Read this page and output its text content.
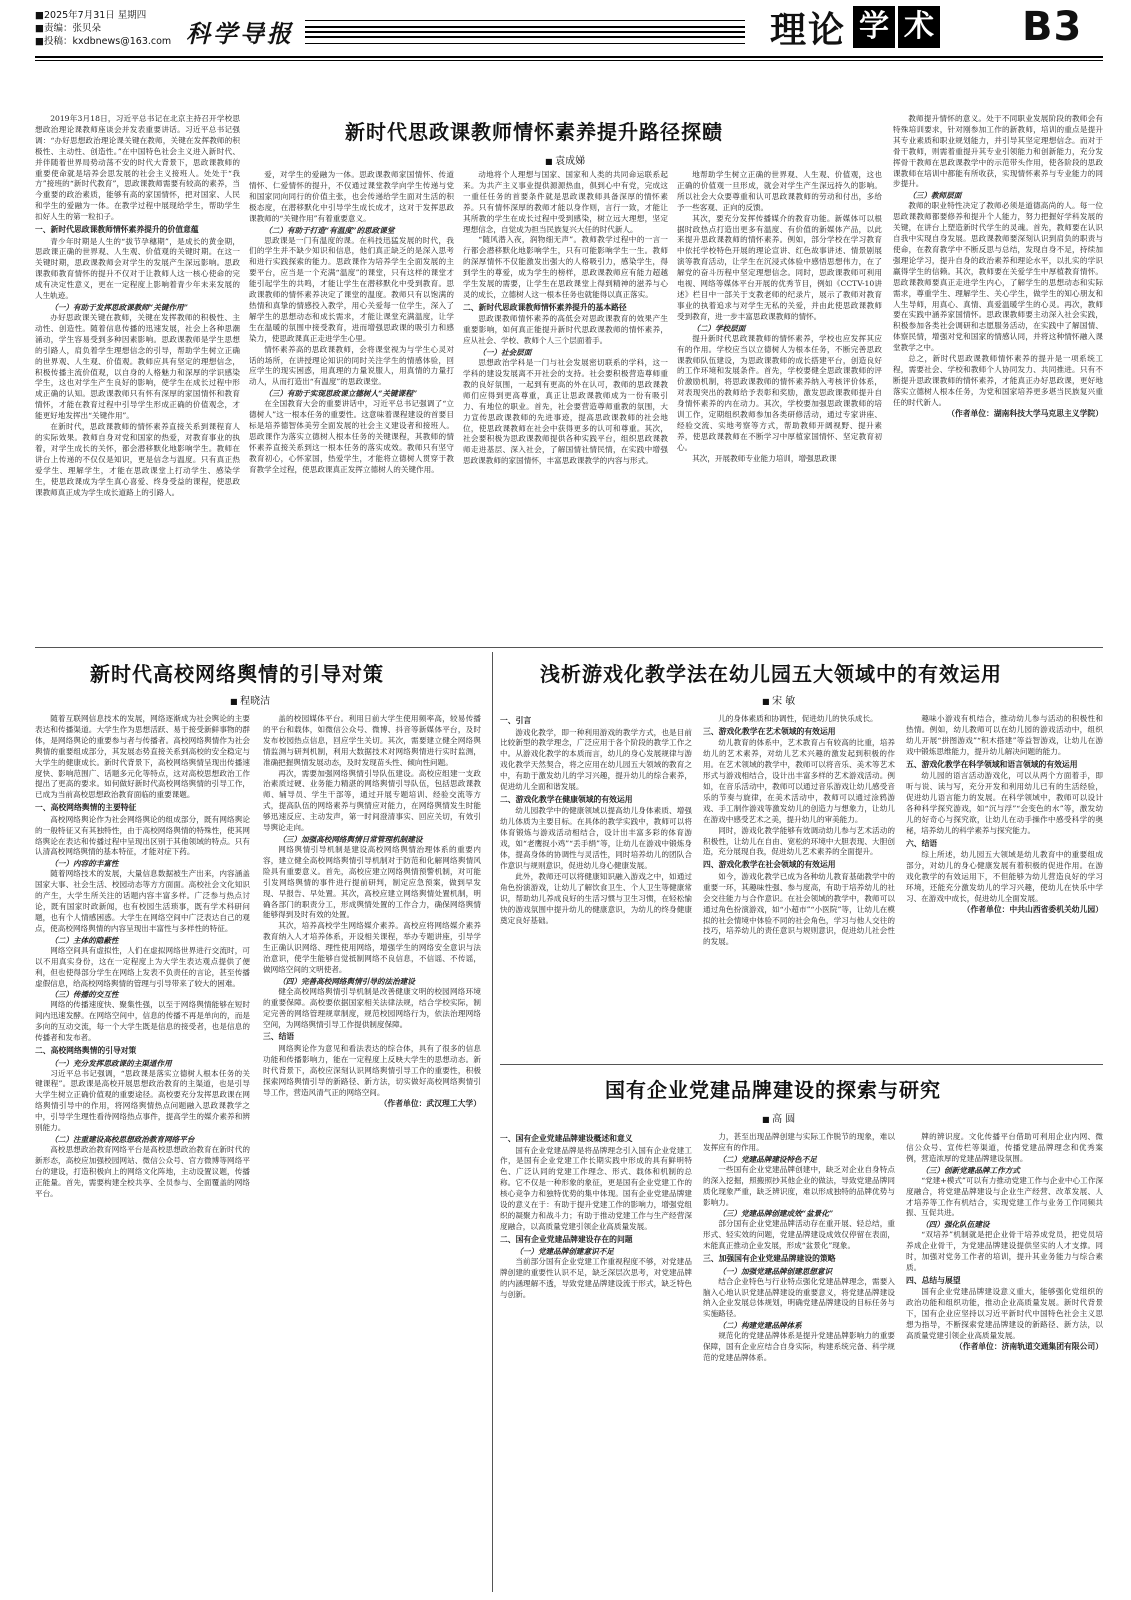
■2025年7月31日 星期四
■责编：张贝朵
■投稿：kxdbnews@163.com 科学导报	理论 学 术 B3
新时代思政课教师情怀素养提升路径探赜
■ 袁成娣

2019年3月18日，习近平总书记在北京主持召开学校思想政治理论课教师座谈会并发表重要讲话。习近平总书记强调：“办好思想政治理论课关键在教师，关键在发挥教师的积极性、主动性、创造性。”在中国特色社会主义进入新时代、并伴随着世界局势动荡不安的时代大背景下，思政课教师的重要使命就是培养会思发展的社会主义接班人。处处于“我方”接班的“新时代教育”，思政课教师需要有较高的素养，当今重要的政治素质，能够有高的家国情怀，把对国家、人民和学生的爱融为一体。在教学过程中展现给学生，帮助学生扣好人生的第一粒扣子。

一、新时代思政课教师情怀素养提升的价值意蕴

青少年时期是人生的“拔节孕穗期”，是成长的黄金期，思政课正确的世界观、人生观、价值观的关键时期。在这一关键时期，思政课教师会对学生的发展产生深远影响。思政课教师教育情怀的提升不仅对于让教师人这一核心使命的完成有决定性意义，更在一定程度上影响着青少年未来发展的人生轨迹。

（一）有助于发挥思政课教师“关键作用”

办好思政课关键在教师，关键在发挥教师的积极性、主动性、创造性。随着信息传播的迅速发展，社会上各种思潮涌动，学生容易受到多种因素影响。思政课教师是学生思想的引路人，肩负着学生理想信念的引导，帮助学生树立正确的世界观、人生观、价值观。教师应具有坚定的理想信念，积极传播主流价值观，以自身的人格魅力和深厚的学识感染学生，这也对学生产生良好的影响，使学生在成长过程中形成正确的认知。思政课教师只有怀有深厚的家国情怀和教育情怀，才能在教育过程中引导学生形成正确的价值观念，才能更好地发挥出“关键作用”。

在新时代，思政课教师的情怀素养直接关系到课程育人的实际效果。教师自身对党和国家的热爱，对教育事业的执着，对学生成长的关怀，都会潜移默化地影响学生。教师在讲台上传递的不仅仅是知识，更是信念与温度。只有真正热爱学生、理解学生，才能在思政课堂上打动学生、感染学生，使思政课成为学生真心喜爱、终身受益的课程，使思政课教师真正成为学生成长道路上的引路人。

爱，对学生的爱融为一体。思政课教师家国情怀、传道情怀、仁爱情怀的提升，不仅通过课堂教学向学生传递与党和国家同向同行的价值主张，也会传递给学生面对生活的积极态度，在潜移默化中引导学生成长成才，这对于发挥思政课教师的“关键作用”有着重要意义。

（二）有助于打造“有温度”的思政课堂

思政课是一门有温度的课。在科技迅猛发展的时代，我们的学生并不缺少知识和信息，他们真正缺乏的是深入思考和进行实践探索的能力。思政课作为培养学生全面发展的主要平台，应当是一个充满“温度”的课堂，只有这样的课堂才能引起学生的共鸣，才能让学生在潜移默化中受到教育。思政课教师的情怀素养决定了课堂的温度。教师只有以饱满的热情和真挚的情感投入教学，用心关爱每一位学生，深入了解学生的思想动态和成长需求，才能让课堂充满温度，让学生在温暖的氛围中接受教育，进而增强思政课的吸引力和感染力，使思政课真正走进学生心里。

情怀素养高的思政课教师，会将课堂视为与学生心灵对话的场所，在讲授理论知识的同时关注学生的情感体验，回应学生的现实困惑，用真理的力量说服人，用真情的力量打动人，从而打造出“有温度”的思政课堂。

（三）有助于实现思政课立德树人“关键课程”

在全国教育大会的重要讲话中，习近平总书记强调了“立德树人”这一根本任务的重要性。这意味着课程建设的首要目标是培养德智体美劳全面发展的社会主义建设者和接班人。思政课作为落实立德树人根本任务的关键课程，其教师的情怀素养直接关系到这一根本任务的落实成效。教师只有坚守教育初心，心怀家国，热爱学生，才能将立德树人贯穿于教育教学全过程，使思政课真正发挥立德树人的关键作用。

动地将个人理想与国家、国家和人类的共同命运联系起来。为共产主义事业提供源源热血，俱到心中有党，完成这一重任任务的首要条件就是思政课教师具备深厚的情怀素养。只有情怀深厚的教师才能以身作则，言行一致，才能让其所教的学生在成长过程中受到感染，树立远大理想，坚定理想信念，自觉成为担当民族复兴大任的时代新人。

“随风潜入夜，润物细无声”。教师教学过程中的一言一行都会潜移默化地影响学生，只有可能影响学生一生。教师的深厚情怀不仅能激发出强大的人格吸引力，感染学生，得到学生的尊爱，成为学生的榜样，思政课教师应有能力超越学生发展的需要，让学生在思政课堂上得到精神的滋养与心灵的成长，立德树人这一根本任务也就能得以真正落实。

二、新时代思政课教师情怀素养提升的基本路径

思政课教师情怀素养的高低会对思政课教育的效果产生重要影响，如何真正能提升新时代思政课教师的情怀素养，应从社会、学校、教师个人三个层面着手。

（一）社会层面

思想政治学科是一门与社会发展密切联系的学科，这一学科的建设发展离不开社会的支持。社会要积极营造尊师重教的良好氛围，一起到有更高的外在认可，教师的思政课教师们应得到更高尊重，真正让思政课教师成为一份有吸引力、有地位的职业。首先，社会要营造尊师重教的氛围，大力宣传思政课教师的先进事迹，提高思政课教师的社会地位，使思政课教师在社会中获得更多的认可和尊重。其次，社会要积极为思政课教师提供各种实践平台，组织思政课教师走进基层、深入社会，了解国情社情民情，在实践中增强思政课教师的家国情怀，丰富思政课教学的内容与形式。

地帮助学生树立正确的世界观、人生观、价值观，这也正确的价值观一旦形成，就会对学生产生深远持久的影响。所以社会大众要尊重和认可思政课教师的劳动和付出，多给予一些客观、正向的反馈。

其次，要充分发挥传播媒介的教育功能。新媒体可以根据时政热点打造出更多有温度、有价值的新媒体产品，以此来提升思政课教师的情怀素养。例如，部分学校在学习教育中依托学校特色开展的理论宣讲、红色故事讲述、情景剧展演等教育活动，让学生在沉浸式体验中感悟思想伟力，在了解党的奋斗历程中坚定理想信念。同时，思政课教师可利用电视、网络等媒体平台开展的优秀节目，例如《CCTV-10讲述》栏目中一部关于支教老师的纪录片，展示了教师对教育事业的执着追求与对学生无私的关爱，并由此使思政课教师受到教育，进一步丰富思政课教师的情怀。

（二）学校层面

提升新时代思政课教师的情怀素养，学校也应发挥其应有的作用。学校应当以立德树人为根本任务，不断完善思政课教师队伍建设，为思政课教师的成长搭建平台，创造良好的工作环境和发展条件。首先，学校要健全思政课教师的评价激励机制，将思政课教师的情怀素养纳入考核评价体系，对表现突出的教师给予表彰和奖励，激发思政课教师提升自身情怀素养的内在动力。其次，学校要加强思政课教师的培训工作，定期组织教师参加各类研修活动，通过专家讲座、经验交流、实地考察等方式，帮助教师开阔视野、提升素养，使思政课教师在不断学习中厚植家国情怀、坚定教育初心。

其次，开展教师专业能力培训，增强思政课

教师提升情怀的意义。处于不同职业发展阶段的教师会有特殊培训要求，针对刚参加工作的新教师，培训的重点是提升其专业素质和职业规划能力，并引导其坚定理想信念。而对于骨干教师，则需着重提升其专业引领能力和创新能力，充分发挥骨干教师在思政课教学中的示范带头作用，使各阶段的思政课教师在培训中都能有所收获，实现情怀素养与专业能力的同步提升。

（三）教师层面

教师的职业特性决定了教师必须是道德高尚的人。每一位思政课教师都要修养和提升个人能力，努力把握好学科发展的关键，在讲台上塑造新时代学生的灵魂。首先，教师要在认识自我中实现自身发展。思政课教师要深刻认识到肩负的职责与使命，在教育教学中不断反思与总结，发现自身不足，持续加强理论学习，提升自身的政治素养和理论水平，以扎实的学识赢得学生的信赖。其次，教师要在关爱学生中厚植教育情怀。思政课教师要真正走进学生内心，了解学生的思想动态和实际需求，尊重学生、理解学生、关心学生，做学生的知心朋友和人生导师，用真心、真情、真爱温暖学生的心灵。再次，教师要在实践中涵养家国情怀。思政课教师要主动深入社会实践，积极参加各类社会调研和志愿服务活动，在实践中了解国情、体察民情，增强对党和国家的情感认同，并将这种情怀融入课堂教学之中。

总之，新时代思政课教师情怀素养的提升是一项系统工程，需要社会、学校和教师个人协同发力、共同推进。只有不断提升思政课教师的情怀素养，才能真正办好思政课，更好地落实立德树人根本任务，为党和国家培养更多堪当民族复兴重任的时代新人。

（作者单位：湖南科技大学马克思主义学院）

新时代高校网络舆情的引导对策
■ 程晓洁

随着互联网信息技术的发展，网络逐渐成为社会舆论的主要表达和传播渠道。大学生作为思想活跃、易于接受新鲜事物的群体，是网络舆论的重要参与者与传播者。高校网络舆情作为社会舆情的重要组成部分，其发展态势直接关系到高校的安全稳定与大学生的健康成长。新时代背景下，高校网络舆情呈现出传播速度快、影响范围广、话题多元化等特点，这对高校思想政治工作提出了更高的要求。如何做好新时代高校网络舆情的引导工作，已成为当前高校思想政治教育面临的重要课题。

一、高校网络舆情的主要特征

高校网络舆论作为社会网络舆论的组成部分，既有网络舆论的一般特征又有其独特性，由于高校网络舆情的特殊性，使其网络舆论在表达和传播过程中呈现出区别于其他领域的特点。只有认清高校网络舆情的基本特征，才能对症下药。

（一）内容的丰富性

随着网络技术的发展，大量信息数据被生产出来，内容涵盖国家大事、社会生活、校园动态等方方面面。高校社会文化知识的产生，大学生所关注的话题内容丰富多样。广泛参与热点讨论，既有国家时政新闻，也有校园生活琐事，既有学术科研问题，也有个人情感困惑。大学生在网络空间中广泛表达自己的观点，使高校网络舆情的内容呈现出丰富性与多样性的特征。

（二）主体的隐蔽性

网络空间具有虚拟性，人们在虚拟网络世界进行交流时，可以不用真实身份，这在一定程度上为大学生表达观点提供了便利，但也使得部分学生在网络上发表不负责任的言论，甚至传播虚假信息，给高校网络舆情的管理与引导带来了较大的困难。

（三）传播的交互性

网络的传播速度快、聚集性强，以至于网络舆情能够在短时间内迅速发酵。在网络空间中，信息的传播不再是单向的，而是多向的互动交流，每一个大学生既是信息的接受者，也是信息的传播者和发布者。

二、高校网络舆情的引导对策
（一）充分发挥思政课的主渠道作用

习近平总书记强调，“思政课是落实立德树人根本任务的关键课程”。思政课是高校开展思想政治教育的主渠道，也是引导大学生树立正确价值观的重要途径。高校要充分发挥思政课在网络舆情引导中的作用，将网络舆情热点问题融入思政课教学之中，引导学生理性看待网络热点事件，提高学生的媒介素养和辨别能力。

（二）注重建设高校思想政治教育网络平台

高校思想政治教育网络平台是高校思想政治教育在新时代的新形态，高校应加强校园网站、微信公众号、官方微博等网络平台的建设，打造积极向上的网络文化阵地，主动设置议题，传播正能量。首先，需要构建全校共享、全员参与、全面覆盖的网络平台。

盖的校园媒体平台。利用日前大学生使用频率高，较易传播的平台和载体，如微信公众号、微博、抖音等新媒体平台，及时发布校园热点信息，回应学生关切。其次，需要建立健全网络舆情监测与研判机制，利用大数据技术对网络舆情进行实时监测，准确把握舆情发展动态，及时发现苗头性、倾向性问题。

再次，需要加强网络舆情引导队伍建设。高校应组建一支政治素质过硬、业务能力精湛的网络舆情引导队伍，包括思政课教师、辅导员、学生干部等，通过开展专题培训、经验交流等方式，提高队伍的网络素养与舆情应对能力，在网络舆情发生时能够迅速反应、主动发声，第一时间澄清事实、回应关切，有效引导舆论走向。

（三）加强高校网络舆情日常管理机制建设

网络舆情引导机制是建设高校网络舆情治理体系的重要内容，建立健全高校网络舆情引导机制对于防范和化解网络舆情风险具有重要意义。首先，高校应建立网络舆情预警机制，对可能引发网络舆情的事件进行提前研判，制定应急预案，做到早发现、早报告、早处置。其次，高校应建立网络舆情处置机制，明确各部门的职责分工，形成舆情处置的工作合力，确保网络舆情能够得到及时有效的处置。

其次，培养高校学生网络媒介素养。高校应将网络媒介素养教育纳入人才培养体系，开设相关课程，举办专题讲座，引导学生正确认识网络、理性使用网络，增强学生的网络安全意识与法治意识，使学生能够自觉抵制网络不良信息，不信谣、不传谣，做网络空间的文明使者。

（四）完善高校网络舆情引导的法治建设

健全高校网络舆情引导机制是改善健康文明的校园网络环境的重要保障。高校要依据国家相关法律法规，结合学校实际，制定完善的网络管理规章制度，规范校园网络行为，依法治理网络空间，为网络舆情引导工作提供制度保障。

三、结语

网络舆论作为意见和看法表达的综合体，具有了很多的信息功能和传播影响力，能在一定程度上反映大学生的思想动态。新时代背景下，高校应深刻认识网络舆情引导工作的重要性，积极探索网络舆情引导的新路径、新方法，切实做好高校网络舆情引导工作，营造风清气正的网络空间。

（作者单位：武汉理工大学）

浅析游戏化教学法在幼儿园五大领域中的有效运用
■ 宋 敏
一、引言

游戏化教学，即一种利用游戏的教学方式，也是目前比较新型的教学理念，广泛应用于各个阶段的教学工作之中。从游戏化教学的本质而言，幼儿的身心发展规律与游戏化教学天然契合，将之应用在幼儿园五大领域的教育之中，有助于激发幼儿的学习兴趣，提升幼儿的综合素养，促进幼儿全面和谐发展。

二、游戏化教学在健康领域的有效运用

幼儿园教学中的健康领域以提高幼儿身体素质、增强幼儿体质为主要目标。在具体的教学实践中，教师可以将体育锻炼与游戏活动相结合，设计出丰富多彩的体育游戏，如“老鹰捉小鸡”“丢手绢”等，让幼儿在游戏中锻炼身体，提高身体的协调性与灵活性，同时培养幼儿的团队合作意识与规则意识，促进幼儿身心健康发展。

此外，教师还可以将健康知识融入游戏之中，如通过角色扮演游戏，让幼儿了解饮食卫生、个人卫生等健康常识，帮助幼儿养成良好的生活习惯与卫生习惯，在轻松愉快的游戏氛围中提升幼儿的健康意识，为幼儿的终身健康奠定良好基础。

儿的身体素质和协调性，促进幼儿的快乐成长。

三、游戏化教学在艺术领域的有效运用

幼儿教育的体系中，艺术教育占有较高的比重，培养幼儿的艺术素养，对幼儿艺术兴趣的激发起到积极的作用。在艺术领域的教学中，教师可以将音乐、美术等艺术形式与游戏相结合，设计出丰富多样的艺术游戏活动。例如，在音乐活动中，教师可以通过音乐游戏让幼儿感受音乐的节奏与旋律，在美术活动中，教师可以通过涂鸦游戏、手工制作游戏等激发幼儿的创造力与想象力，让幼儿在游戏中感受艺术之美，提升幼儿的审美能力。

同时，游戏化教学能够有效调动幼儿参与艺术活动的积极性，让幼儿在自由、宽松的环境中大胆表现、大胆创造，充分展现自我，促进幼儿艺术素养的全面提升。

四、游戏化教学在社会领域的有效运用

如今，游戏化教学已成为各种幼儿教育基础教学中的重要一环，其趣味性强、参与度高，有助于培养幼儿的社会交往能力与合作意识。在社会领域的教学中，教师可以通过角色扮演游戏，如“小超市”“小医院”等，让幼儿在模拟的社会情境中体验不同的社会角色，学习与他人交往的技巧，培养幼儿的责任意识与规则意识，促进幼儿社会性的发展。

趣味小游戏有机结合，推动幼儿参与活动的积极性和热情。例如，幼儿教师可以在幼儿园的游戏活动中，组织幼儿开展“拼图游戏”“积木搭建”等益智游戏，让幼儿在游戏中锻炼思维能力，提升幼儿解决问题的能力。

五、游戏化教学在科学领域和语言领域的有效运用

幼儿园的语言活动游戏化，可以从两个方面着手，即听与说、读与写，充分开发和利用幼儿已有的生活经验，促进幼儿语言能力的发展。在科学领域中，教师可以设计各种科学探究游戏，如“沉与浮”“会变色的水”等，激发幼儿的好奇心与探究欲，让幼儿在动手操作中感受科学的奥秘，培养幼儿的科学素养与探究能力。

六、结语

综上所述，幼儿园五大领域是幼儿教育中的重要组成部分，对幼儿的身心健康发展有着积极的促进作用。在游戏化教学的有效运用下，不但能够为幼儿营造良好的学习环境，还能充分激发幼儿的学习兴趣，使幼儿在快乐中学习、在游戏中成长，促进幼儿全面发展。

（作者单位：中共山西省委机关幼儿园）

国有企业党建品牌建设的探索与研究
■ 高 圆
一、国有企业党建品牌建设概述和意义

国有企业党建品牌是将品牌理念引入国有企业党建工作，是国有企业党建工作长期实践中形成的具有鲜明特色、广泛认同的党建工作理念、形式、载体和机制的总称。它不仅是一种形象的象征，更是国有企业党建工作的核心竞争力和独特优势的集中体现。国有企业党建品牌建设的意义在于：有助于提升党建工作的影响力，增强党组织的凝聚力和战斗力；有助于推动党建工作与生产经营深度融合，以高质量党建引领企业高质量发展。

二、国有企业党建品牌建设存在的问题
（一）党建品牌创建意识不足

当前部分国有企业党建工作重视程度不够，对党建品牌创建的重要性认识不足，缺乏深层次思考，对党建品牌的内涵理解不透，导致党建品牌建设流于形式，缺乏特色与创新。

力，甚至出现品牌创建与实际工作脱节的现象，难以发挥应有的作用。

（二）党建品牌建设特色不足

一些国有企业党建品牌创建中，缺乏对企业自身特点的深入挖掘，照搬照抄其他企业的做法，导致党建品牌同质化现象严重，缺乏辨识度，难以形成独特的品牌优势与影响力。

（三）党建品牌创建成效“盆景化”

部分国有企业党建品牌活动存在重开展、轻总结，重形式、轻实效的问题，党建品牌建设成效仅停留在表面，未能真正推动企业发展，形成“盆景化”现象。

三、加强国有企业党建品牌建设的策略
（一）加强党建品牌创建思想意识

结合企业特色与行业特点强化党建品牌理念，需要入脑入心地认识党建品牌建设的重要意义，将党建品牌建设纳入企业发展总体规划，明确党建品牌建设的目标任务与实施路径。

（二）构建党建品牌体系

规范化的党建品牌体系是提升党建品牌影响力的重要保障，国有企业应结合自身实际，构建系统完备、科学规范的党建品牌体系。

牌的辨识度。文化传播平台借助可利用企业内网、微信公众号、宣传栏等渠道，传播党建品牌理念和优秀案例，营造浓厚的党建品牌建设氛围。

（三）创新党建品牌工作方式

“党建+模式”可以有力推动党建工作与企业中心工作深度融合，将党建品牌建设与企业生产经营、改革发展、人才培养等工作有机结合，实现党建工作与业务工作同频共振、互促共进。

（四）强化队伍建设

“双培养”机制就是把企业骨干培养成党员，把党员培养成企业骨干，为党建品牌建设提供坚实的人才支撑。同时，加强对党务工作者的培训，提升其业务能力与综合素质。

四、总结与展望

国有企业党建品牌建设意义重大，能够强化党组织的政治功能和组织功能，推动企业高质量发展。新时代背景下，国有企业应坚持以习近平新时代中国特色社会主义思想为指导，不断探索党建品牌建设的新路径、新方法，以高质量党建引领企业高质量发展。

（作者单位：济南轨道交通集团有限公司）
